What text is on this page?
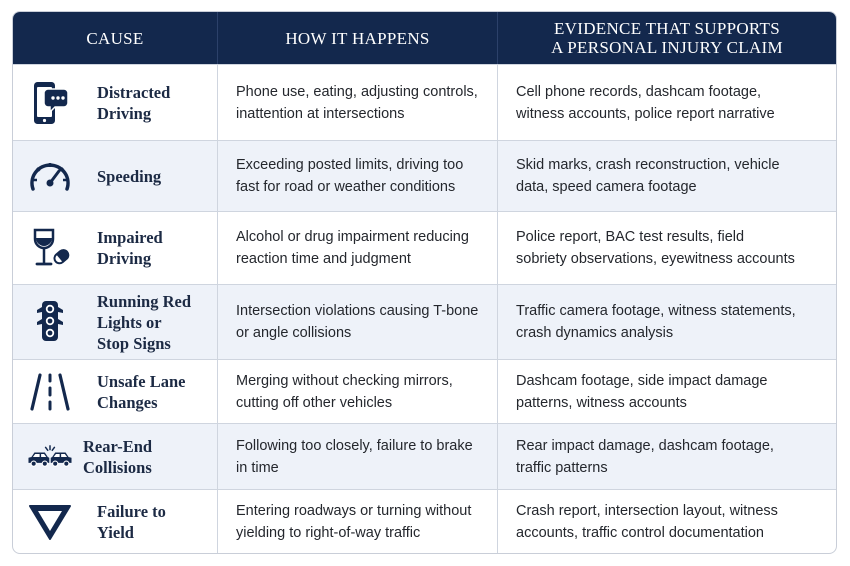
CAUSE	HOW IT HAPPENS	EVIDENCE THAT SUPPORTS
A PERSONAL INJURY CLAIM
Distracted
Driving
Phone use, eating, adjusting controls,
inattention at intersections
Cell phone records, dashcam footage,
witness accounts, police report narrative
Speeding
Exceeding posted limits, driving too
fast for road or weather conditions
Skid marks, crash reconstruction, vehicle
data, speed camera footage
Impaired
Driving
Alcohol or drug impairment reducing
reaction time and judgment
Police report, BAC test results, field
sobriety observations, eyewitness accounts
Running Red
Lights or
Stop Signs
Intersection violations causing T-bone
or angle collisions
Traffic camera footage, witness statements,
crash dynamics analysis
Unsafe Lane
Changes
Merging without checking mirrors,
cutting off other vehicles
Dashcam footage, side impact damage
patterns, witness accounts
Rear-End
Collisions
Following too closely, failure to brake
in time
Rear impact damage, dashcam footage,
traffic patterns
Failure to
Yield
Entering roadways or turning without
yielding to right-of-way traffic
Crash report, intersection layout, witness
accounts, traffic control documentation
